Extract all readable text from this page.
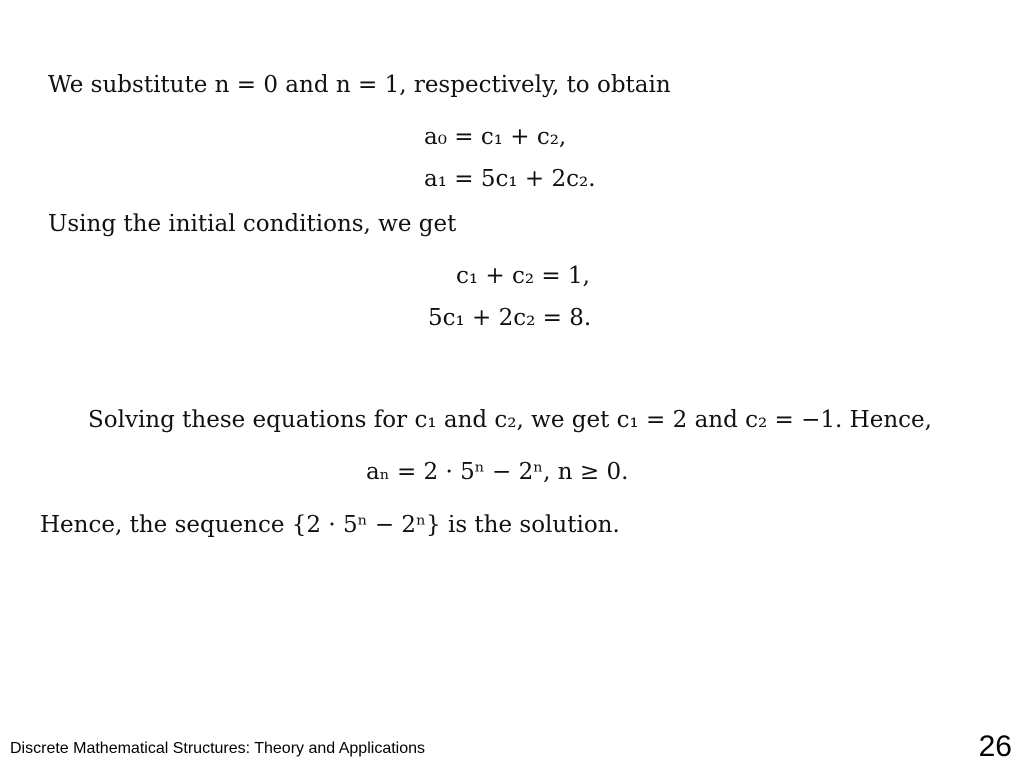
We substitute n = 0 and n = 1, respectively, to obtain
a₀ = c₁ + c₂,
a₁ = 5c₁ + 2c₂.
Using the initial conditions, we get
c₁ + c₂ = 1,
5c₁ + 2c₂ = 8.
Solving these equations for c₁ and c₂, we get c₁ = 2 and c₂ = −1. Hence,
aₙ = 2 · 5ⁿ − 2ⁿ, n ≥ 0.
Hence, the sequence {2 · 5ⁿ − 2ⁿ} is the solution.
Discrete Mathematical Structures: Theory and Applications	26
